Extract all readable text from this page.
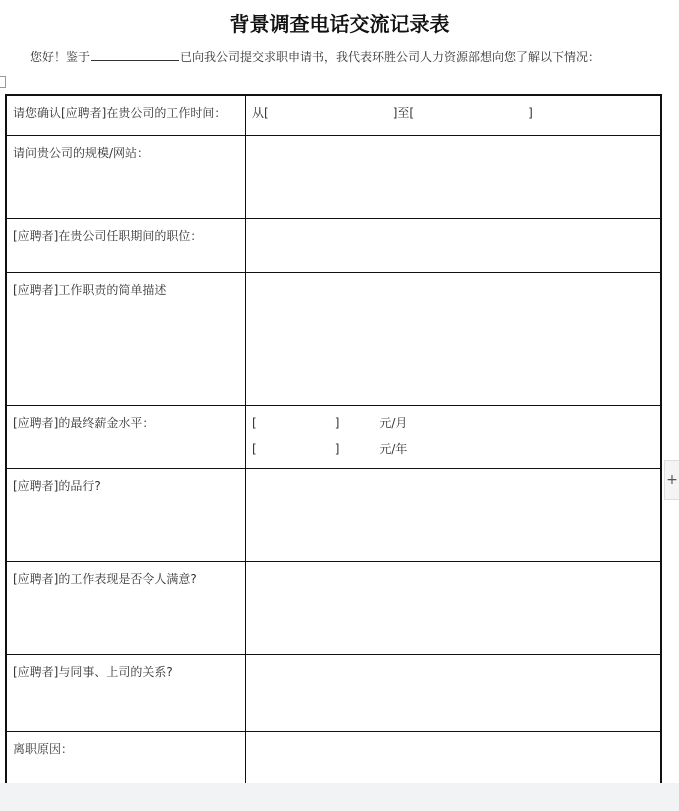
背景调查电话交流记录表
您好！鉴于	已向我公司提交求职申请书，我代表环胜公司人力资源部想向您了解以下情况：
请您确认[应聘者]在贵公司的工作时间：	从[ ]至[ ]

请问贵公司的规模/网站：	

[应聘者]在贵公司任职期间的职位：	

[应聘者]工作职责的简单描述	

[应聘者]的最终薪金水平：	[ ] 元/月
[ ] 元/年

[应聘者]的品行?	

[应聘者]的工作表现是否令人满意?	

[应聘者]与同事、上司的关系?	

离职原因：	

+
